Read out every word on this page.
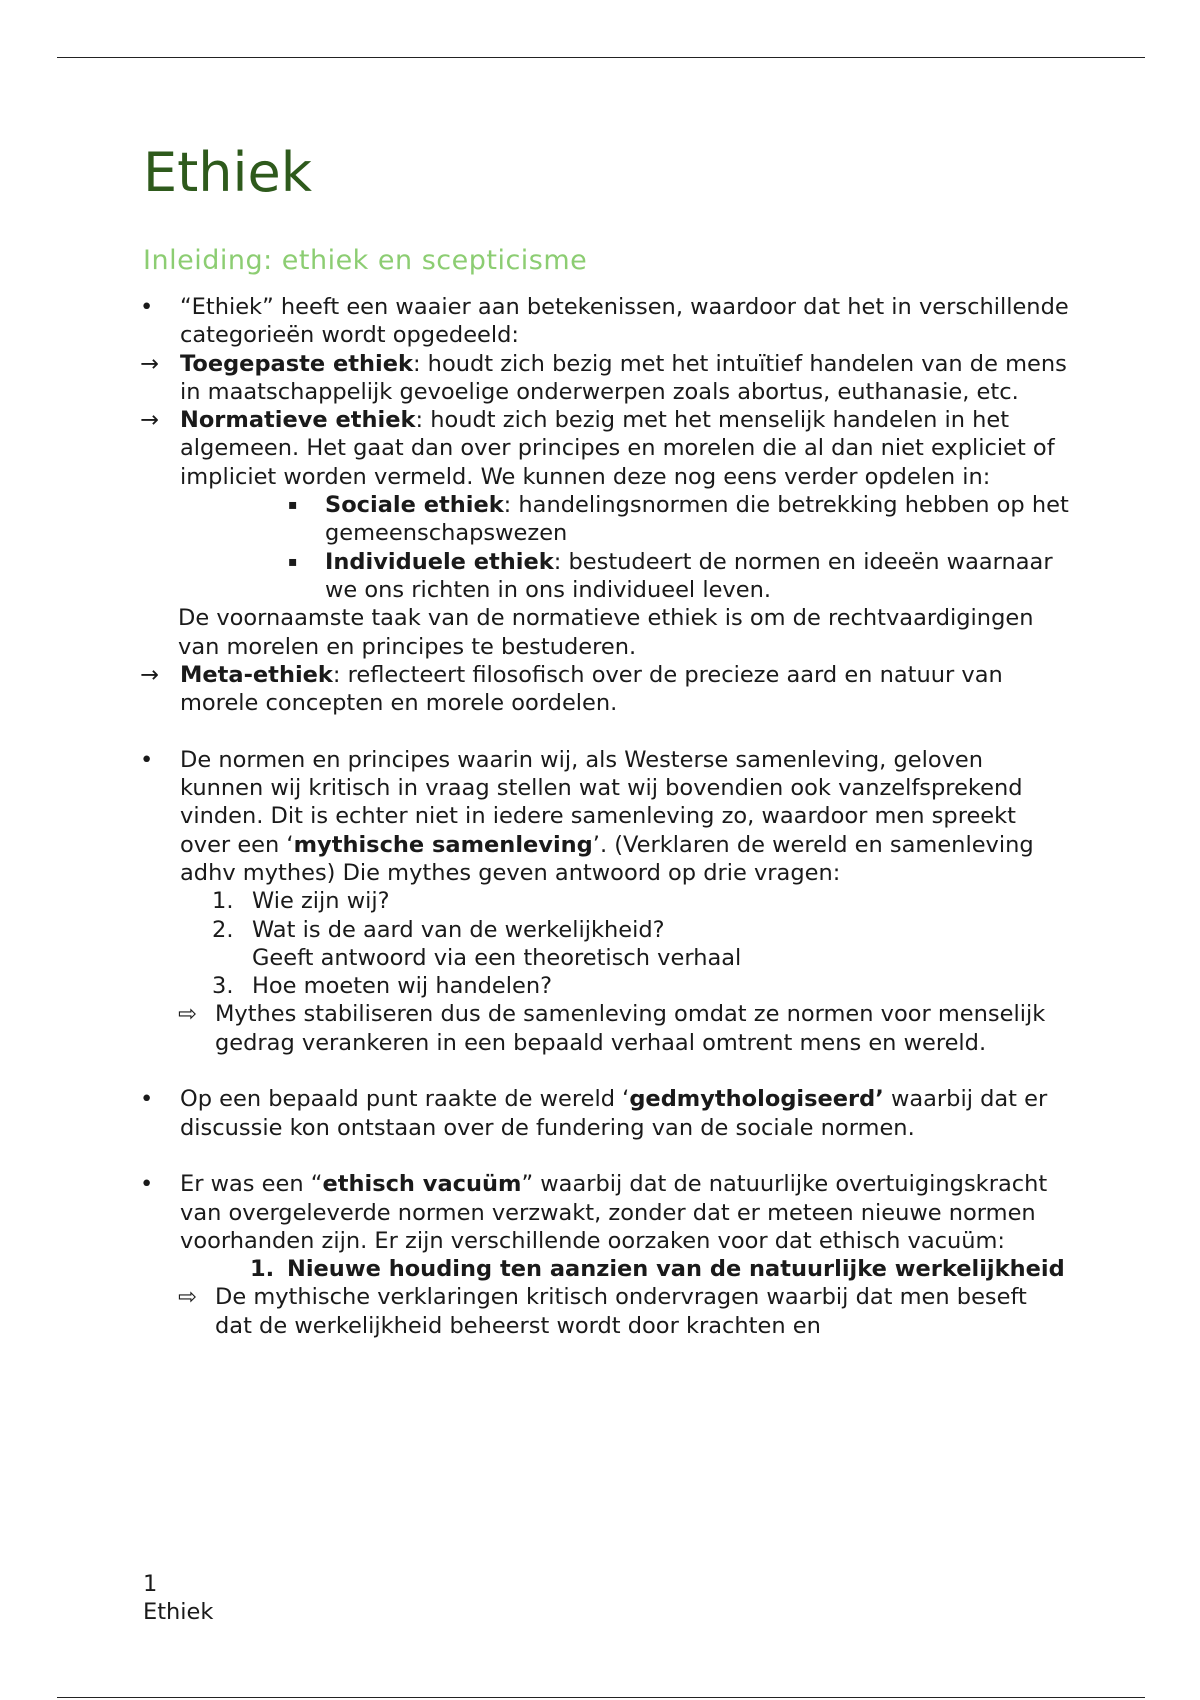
Ethiek
Inleiding: ethiek en scepticisme
• “Ethiek” heeft een waaier aan betekenissen, waardoor dat het in verschillende categorieën wordt opgedeeld:
→ Toegepaste ethiek: houdt zich bezig met het intuïtief handelen van de mens in maatschappelijk gevoelige onderwerpen zoals abortus, euthanasie, etc.
→ Normatieve ethiek: houdt zich bezig met het menselijk handelen in het algemeen. Het gaat dan over principes en morelen die al dan niet expliciet of impliciet worden vermeld. We kunnen deze nog eens verder opdelen in:
▪ Sociale ethiek: handelingsnormen die betrekking hebben op het gemeenschapswezen
▪ Individuele ethiek: bestudeert de normen en ideeën waarnaar we ons richten in ons individueel leven.
De voornaamste taak van de normatieve ethiek is om de rechtvaardigingen van morelen en principes te bestuderen.
→ Meta-ethiek: reflecteert filosofisch over de precieze aard en natuur van morele concepten en morele oordelen.
• De normen en principes waarin wij, als Westerse samenleving, geloven kunnen wij kritisch in vraag stellen wat wij bovendien ook vanzelfsprekend vinden. Dit is echter niet in iedere samenleving zo, waardoor men spreekt over een ‘mythische samenleving’. (Verklaren de wereld en samenleving adhv mythes) Die mythes geven antwoord op drie vragen:
1. Wie zijn wij?
2. Wat is de aard van de werkelijkheid?
Geeft antwoord via een theoretisch verhaal
3. Hoe moeten wij handelen?
⇨ Mythes stabiliseren dus de samenleving omdat ze normen voor menselijk gedrag verankeren in een bepaald verhaal omtrent mens en wereld.
• Op een bepaald punt raakte de wereld ‘gedmythologiseerd’ waarbij dat er discussie kon ontstaan over de fundering van de sociale normen.
• Er was een “ethisch vacuüm” waarbij dat de natuurlijke overtuigingskracht van overgeleverde normen verzwakt, zonder dat er meteen nieuwe normen voorhanden zijn. Er zijn verschillende oorzaken voor dat ethisch vacuüm:
1. Nieuwe houding ten aanzien van de natuurlijke werkelijkheid
⇨ De mythische verklaringen kritisch ondervragen waarbij dat men beseft dat de werkelijkheid beheerst wordt door krachten en
1
Ethiek
